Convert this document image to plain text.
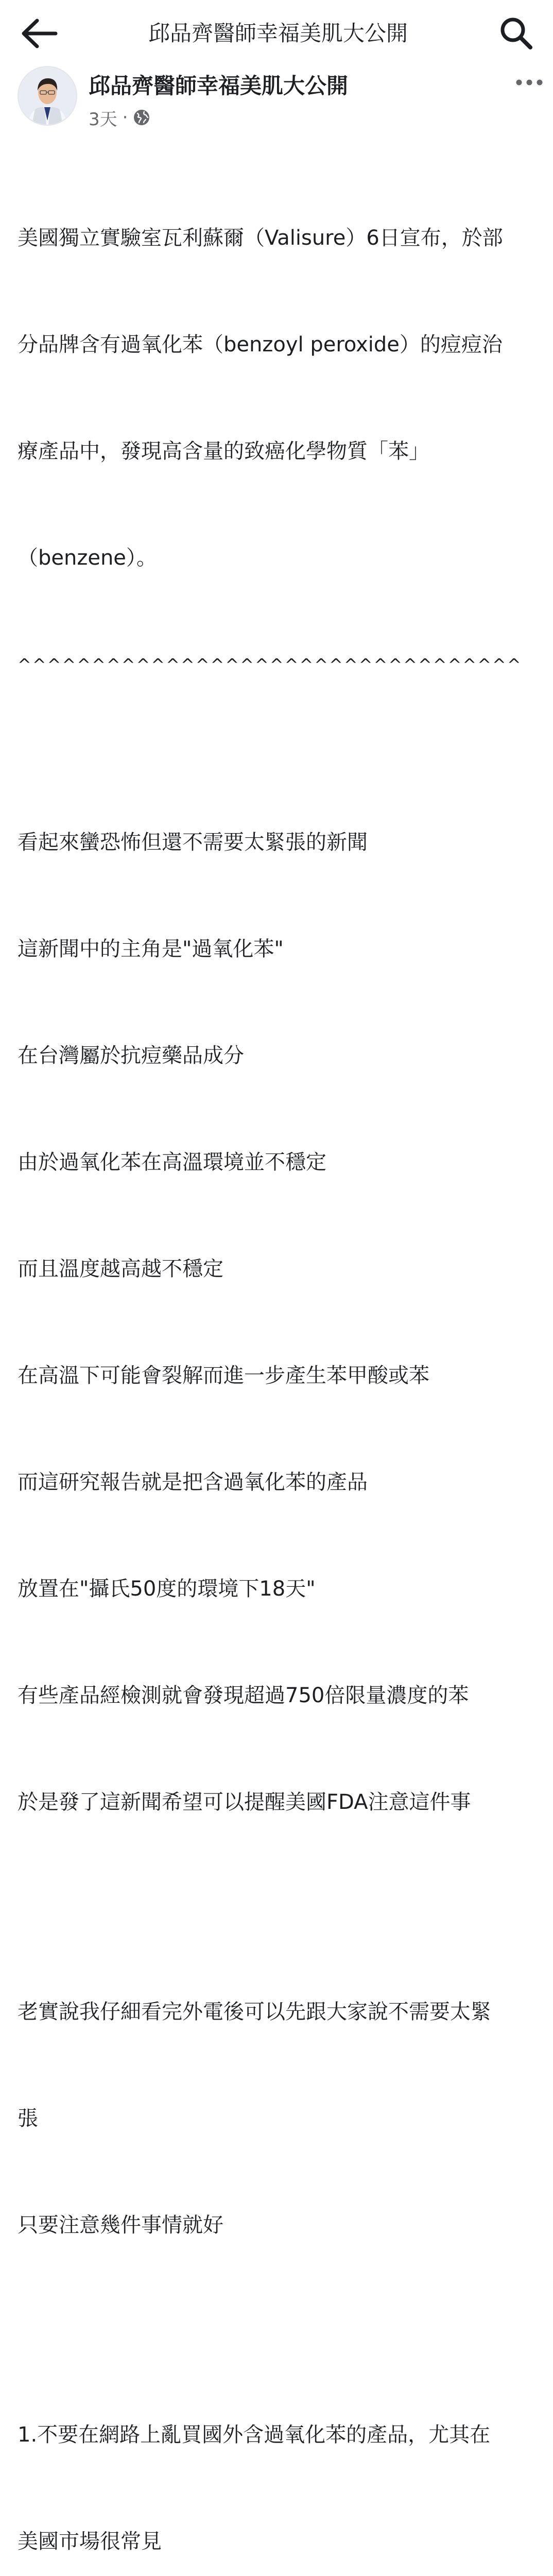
邱品齊醫師幸福美肌大公開
邱品齊醫師幸福美肌大公開
3天 ·

美國獨立實驗室瓦利蘇爾（Valisure）6日宣布，於部

分品牌含有過氧化苯（benzoyl peroxide）的痘痘治

療產品中，發現高含量的致癌化學物質「苯」

（benzene）。

^^^^^^^^^^^^^^^^^^^^^^^^^^^^^^^^^^

看起來蠻恐怖但還不需要太緊張的新聞

這新聞中的主角是"過氧化苯"

在台灣屬於抗痘藥品成分

由於過氧化苯在高溫環境並不穩定

而且溫度越高越不穩定

在高溫下可能會裂解而進一步產生苯甲酸或苯

而這研究報告就是把含過氧化苯的產品

放置在"攝氏50度的環境下18天"

有些產品經檢測就會發現超過750倍限量濃度的苯

於是發了這新聞希望可以提醒美國FDA注意這件事

老實說我仔細看完外電後可以先跟大家說不需要太緊

張

只要注意幾件事情就好

1.不要在網路上亂買國外含過氧化苯的產品，尤其在

美國市場很常見
